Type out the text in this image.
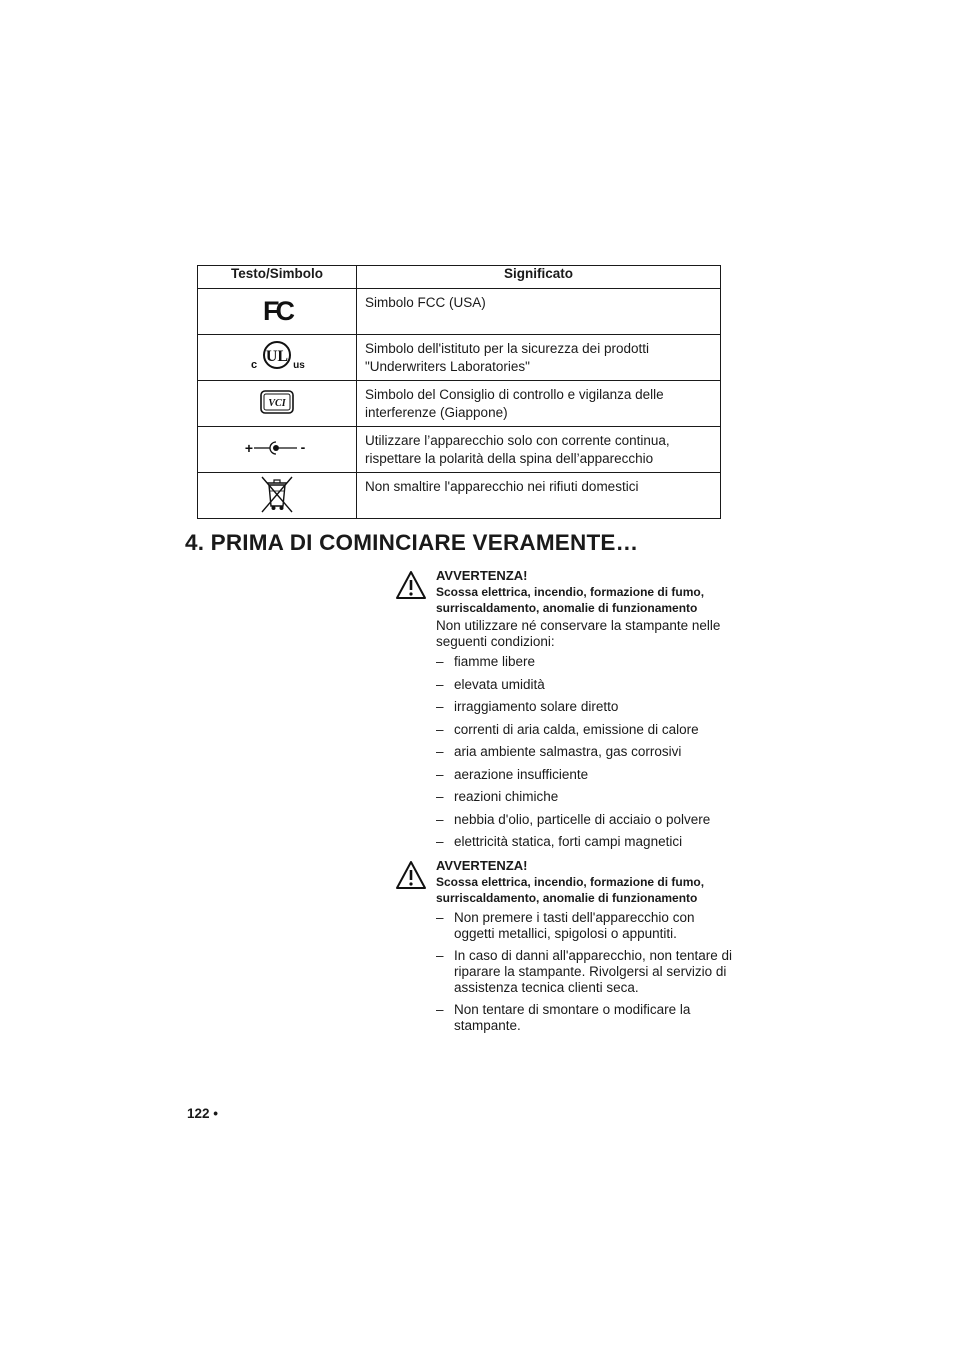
Testo/Simbolo	Significato

FC	Simbolo FCC (USA)

UL
c us	Simbolo dell'istituto per la sicurezza dei prodotti "Underwriters Laboratories"

VCI	Simbolo del Consiglio di controllo e vigilanza delle interferenze (Giappone)

+ -	Utilizzare l’apparecchio solo con corrente continua, rispettare la polarità della spina dell’apparecchio
	Non smaltire l'apparecchio nei rifiuti domestici
4. PRIMA DI COMINCIARE VERAMENTE…
AVVERTENZA!
Scossa elettrica, incendio, formazione di fumo, surriscaldamento, anomalie di funzionamento
Non utilizzare né conservare la stampante nelle seguenti condizioni:
– fiamme libere
– elevata umidità
– irraggiamento solare diretto
– correnti di aria calda, emissione di calore
– aria ambiente salmastra, gas corrosivi
– aerazione insufficiente
– reazioni chimiche
– nebbia d'olio, particelle di acciaio o polvere
– elettricità statica, forti campi magnetici
AVVERTENZA!
Scossa elettrica, incendio, formazione di fumo, surriscaldamento, anomalie di funzionamento
– Non premere i tasti dell'apparecchio con oggetti metallici, spigolosi o appuntiti.
– In caso di danni all'apparecchio, non tentare di riparare la stampante. Rivolgersi al servizio di assistenza tecnica clienti seca.
– Non tentare di smontare o modificare la stampante.
122 •
